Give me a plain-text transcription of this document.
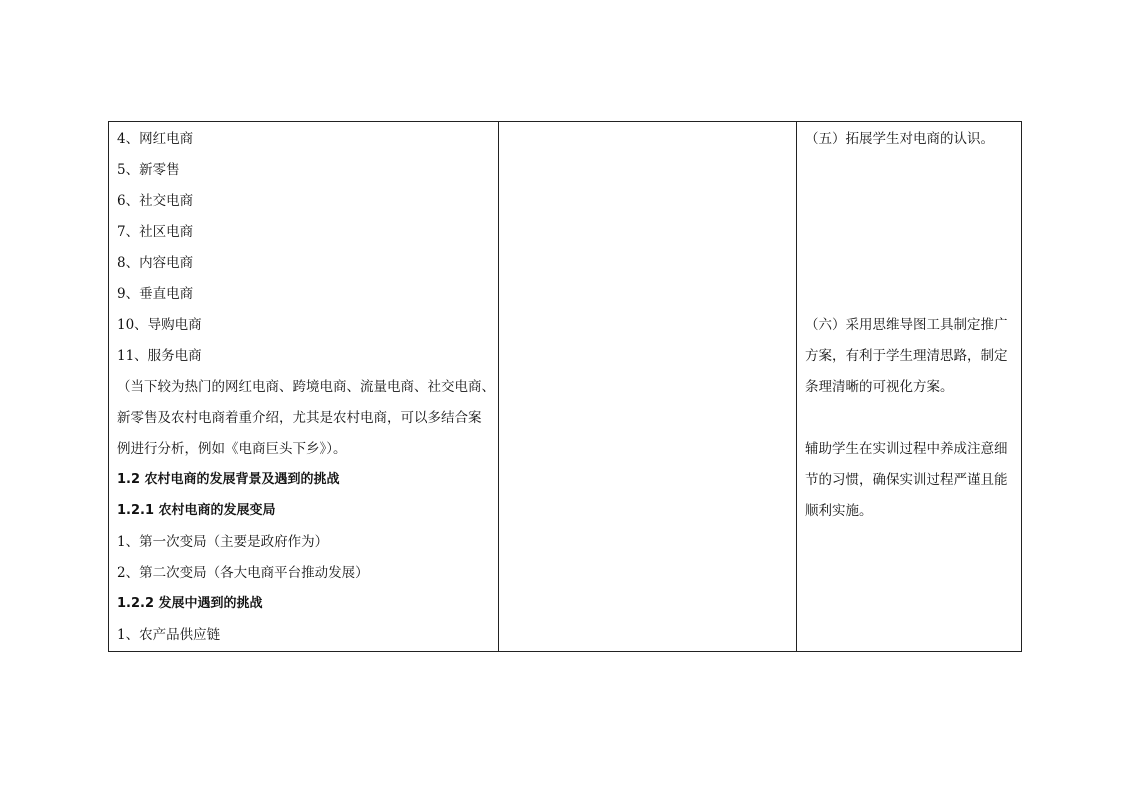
4、网红电商
5、新零售
6、社交电商
7、社区电商
8、内容电商
9、垂直电商
10、导购电商
11、服务电商
（当下较为热门的网红电商、跨境电商、流量电商、社交电商、
新零售及农村电商着重介绍，尤其是农村电商，可以多结合案
例进行分析，例如《电商巨头下乡》）。
1.2 农村电商的发展背景及遇到的挑战
1.2.1 农村电商的发展变局
1、第一次变局（主要是政府作为）
2、第二次变局（各大电商平台推动发展）
1.2.2 发展中遇到的挑战
1、农产品供应链
（五）拓展学生对电商的认识。
（六）采用思维导图工具制定推广
方案，有利于学生理清思路，制定
条理清晰的可视化方案。
辅助学生在实训过程中养成注意细
节的习惯，确保实训过程严谨且能
顺利实施。
